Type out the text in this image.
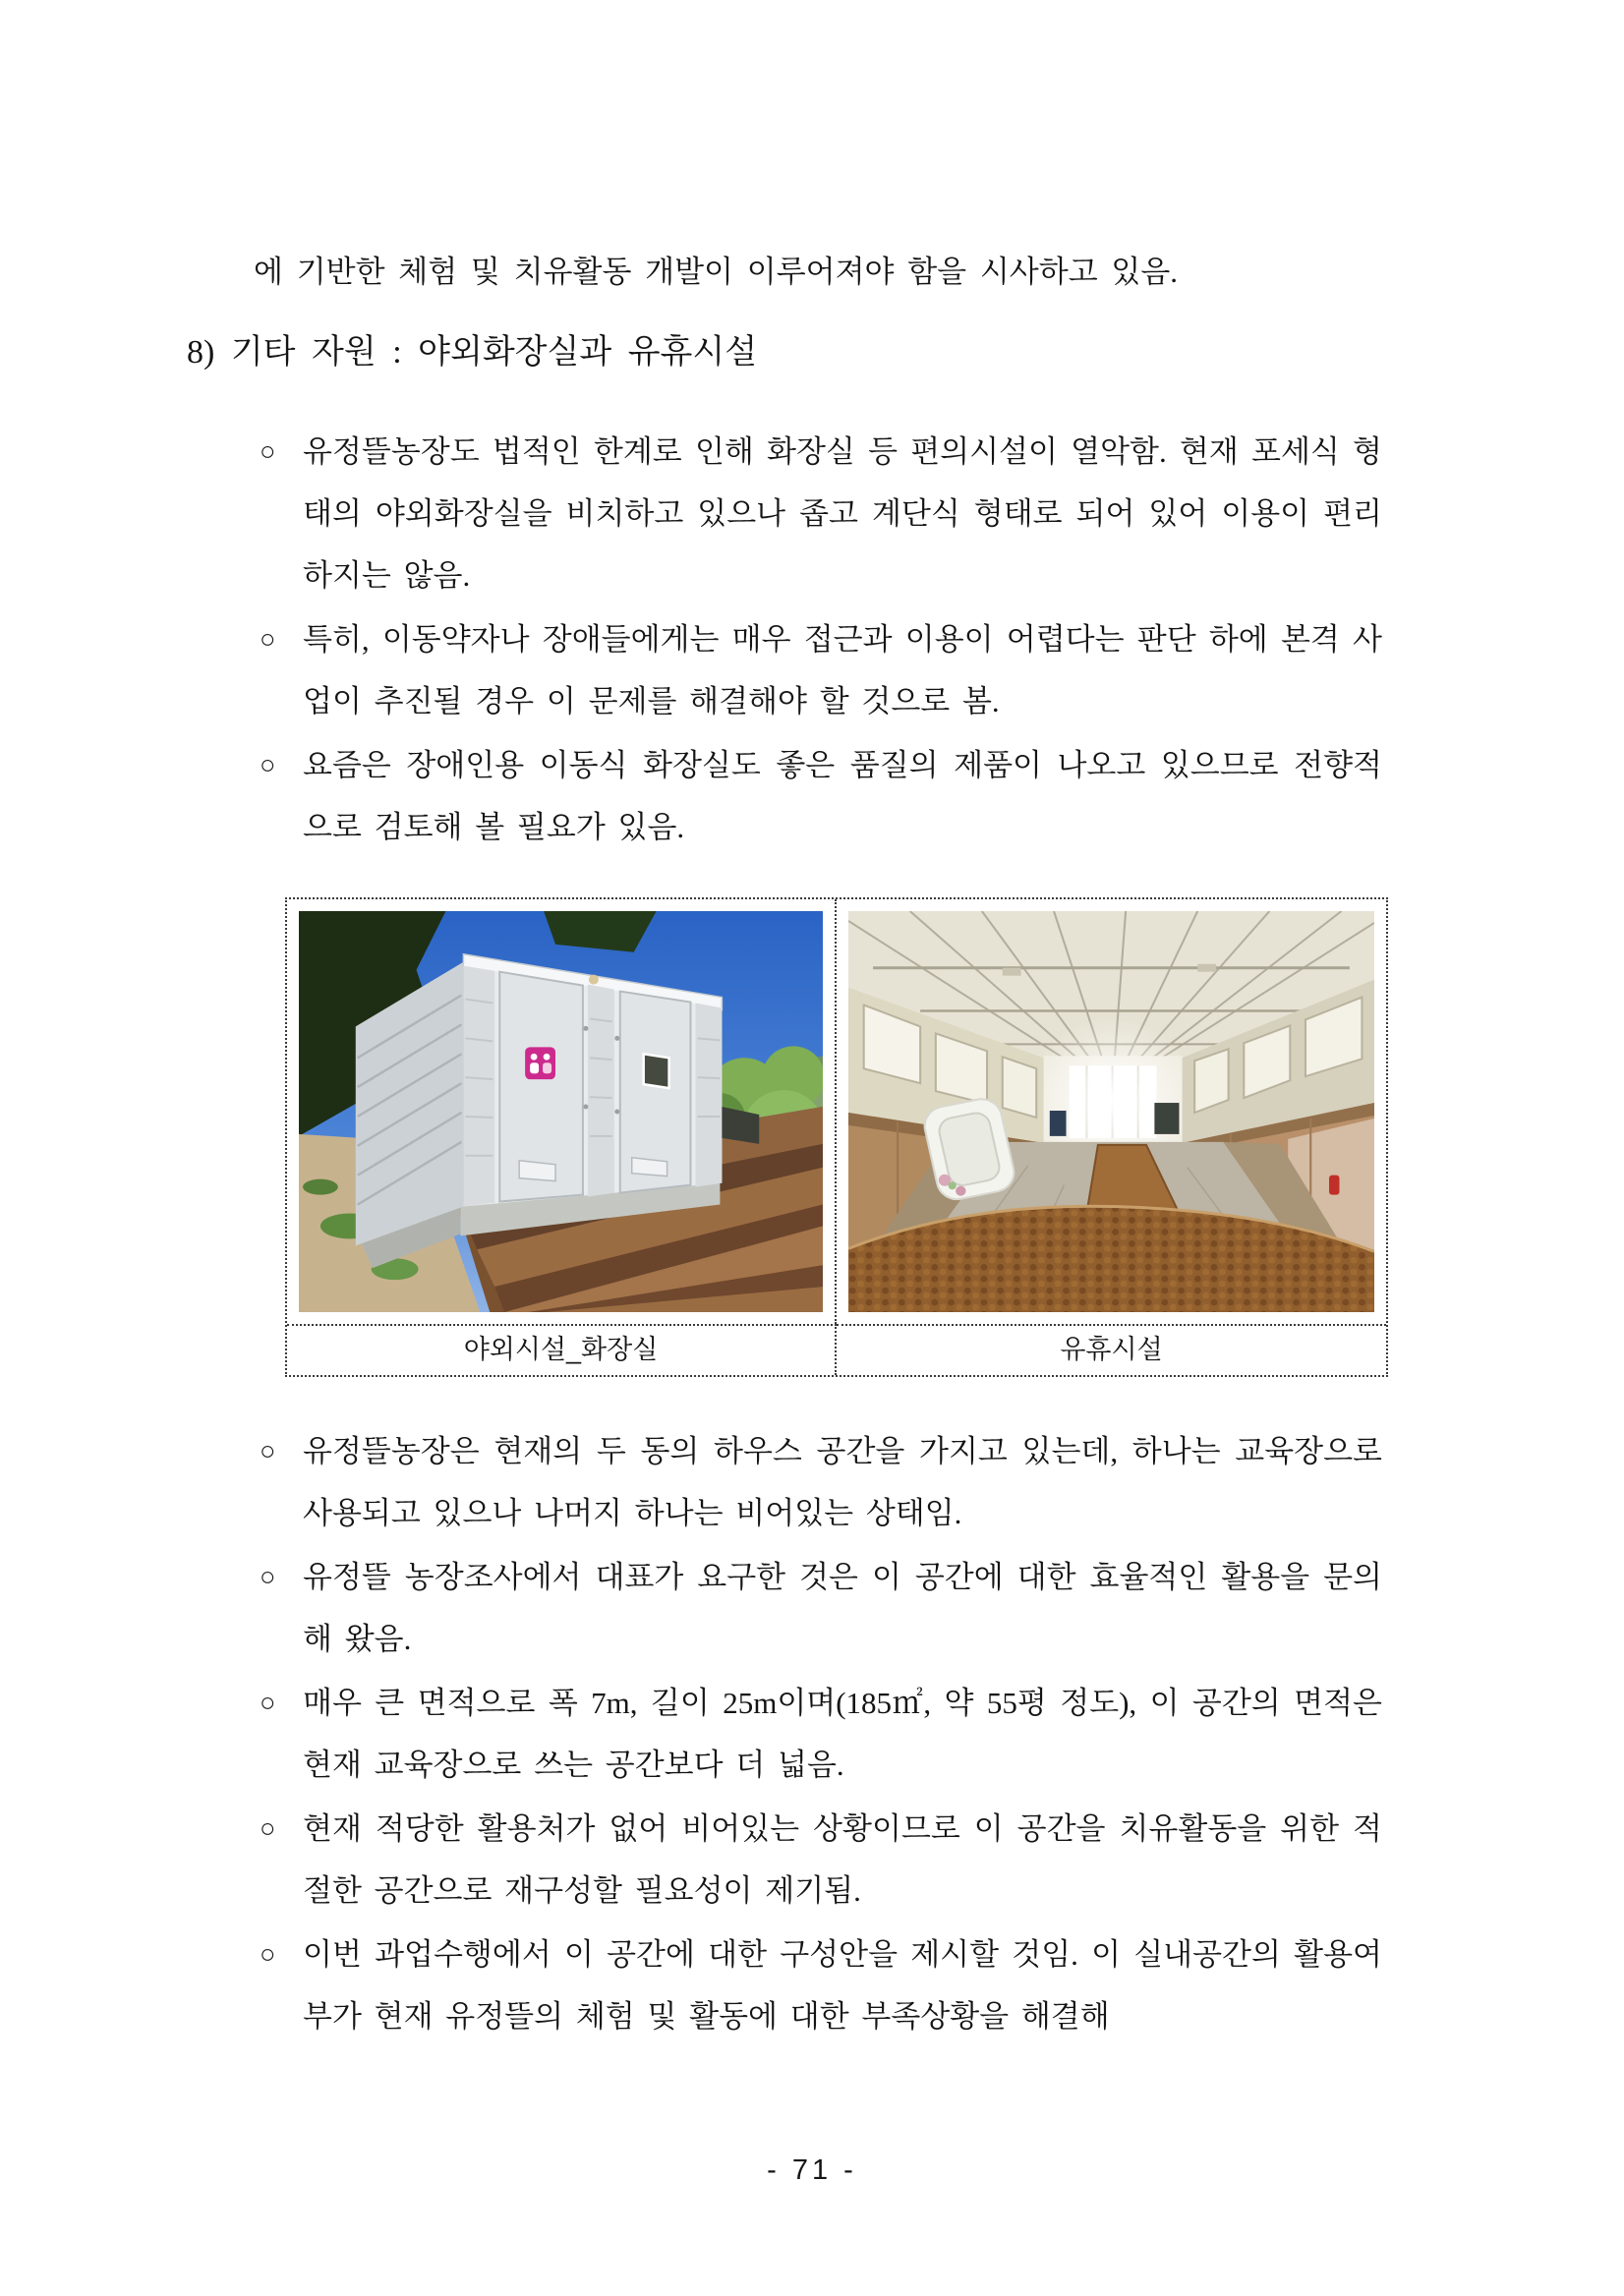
에 기반한 체험 및 치유활동 개발이 이루어져야 함을 시사하고 있음.

8) 기타 자원 : 야외화장실과 유휴시설
○ 유정뜰농장도 법적인 한계로 인해 화장실 등 편의시설이 열악함. 현재 포세식 형태의 야외화장실을 비치하고 있으나 좁고 계단식 형태로 되어 있어 이용이 편리하지는 않음.
○ 특히, 이동약자나 장애들에게는 매우 접근과 이용이 어렵다는 판단 하에 본격 사업이 추진될 경우 이 문제를 해결해야 할 것으로 봄.
○ 요즘은 장애인용 이동식 화장실도 좋은 품질의 제품이 나오고 있으므로 전향적으로 검토해 볼 필요가 있음.
야외시설_화장실	유휴시설
○ 유정뜰농장은 현재의 두 동의 하우스 공간을 가지고 있는데, 하나는 교육장으로 사용되고 있으나 나머지 하나는 비어있는 상태임.
○ 유정뜰 농장조사에서 대표가 요구한 것은 이 공간에 대한 효율적인 활용을 문의해 왔음.
○ 매우 큰 면적으로 폭 7m, 길이 25m이며(185㎡, 약 55평 정도), 이 공간의 면적은 현재 교육장으로 쓰는 공간보다 더 넓음.
○ 현재 적당한 활용처가 없어 비어있는 상황이므로 이 공간을 치유활동을 위한 적절한 공간으로 재구성할 필요성이 제기됨.
○ 이번 과업수행에서 이 공간에 대한 구성안을 제시할 것임. 이 실내공간의 활용여부가 현재 유정뜰의 체험 및 활동에 대한 부족상황을 해결해
- 71 -
